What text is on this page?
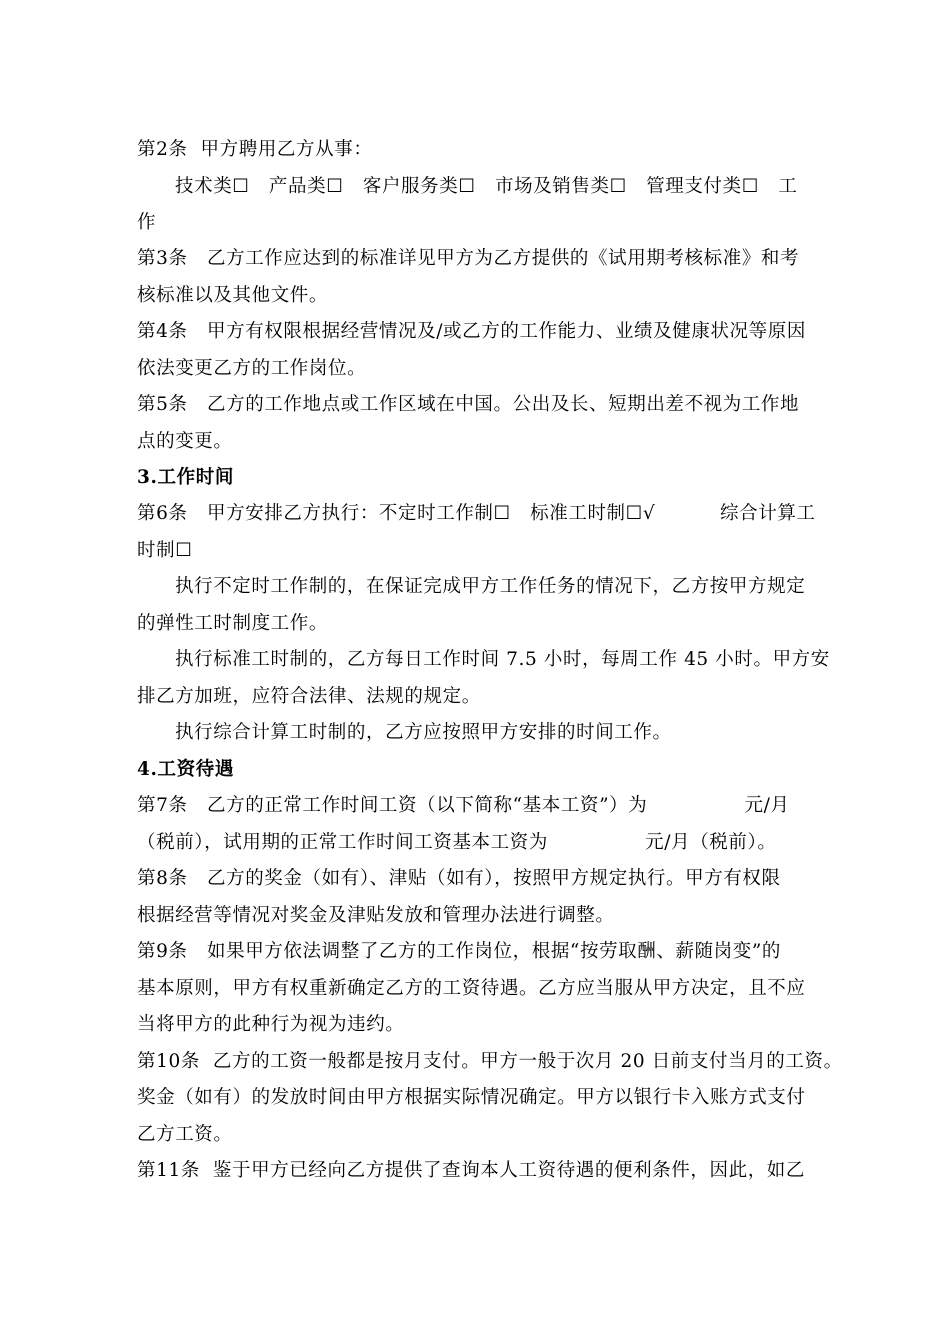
第2条  甲方聘用乙方从事：
技术类☐   产品类☐   客户服务类☐   市场及销售类☐   管理支付类☐   工
作
第3条   乙方工作应达到的标准详见甲方为乙方提供的《试用期考核标准》和考
核标准以及其他文件。
第4条   甲方有权限根据经营情况及/或乙方的工作能力、业绩及健康状况等原因
依法变更乙方的工作岗位。
第5条   乙方的工作地点或工作区域在中国。公出及长、短期出差不视为工作地
点的变更。
3.工作时间
第6条   甲方安排乙方执行：不定时工作制☐   标准工时制☐√          综合计算工
时制☐
执行不定时工作制的，在保证完成甲方工作任务的情况下，乙方按甲方规定
的弹性工时制度工作。
执行标准工时制的，乙方每日工作时间 7.5 小时，每周工作 45 小时。甲方安
排乙方加班，应符合法律、法规的规定。
执行综合计算工时制的，乙方应按照甲方安排的时间工作。
4.工资待遇
第7条   乙方的正常工作时间工资（以下简称“基本工资”）为               元/月
（税前），试用期的正常工作时间工资基本工资为               元/月（税前）。
第8条   乙方的奖金（如有）、津贴（如有），按照甲方规定执行。甲方有权限
根据经营等情况对奖金及津贴发放和管理办法进行调整。
第9条   如果甲方依法调整了乙方的工作岗位，根据“按劳取酬、薪随岗变”的
基本原则，甲方有权重新确定乙方的工资待遇。乙方应当服从甲方决定，且不应
当将甲方的此种行为视为违约。
第10条  乙方的工资一般都是按月支付。甲方一般于次月 20 日前支付当月的工资。
奖金（如有）的发放时间由甲方根据实际情况确定。甲方以银行卡入账方式支付
乙方工资。
第11条  鉴于甲方已经向乙方提供了查询本人工资待遇的便利条件，因此，如乙
